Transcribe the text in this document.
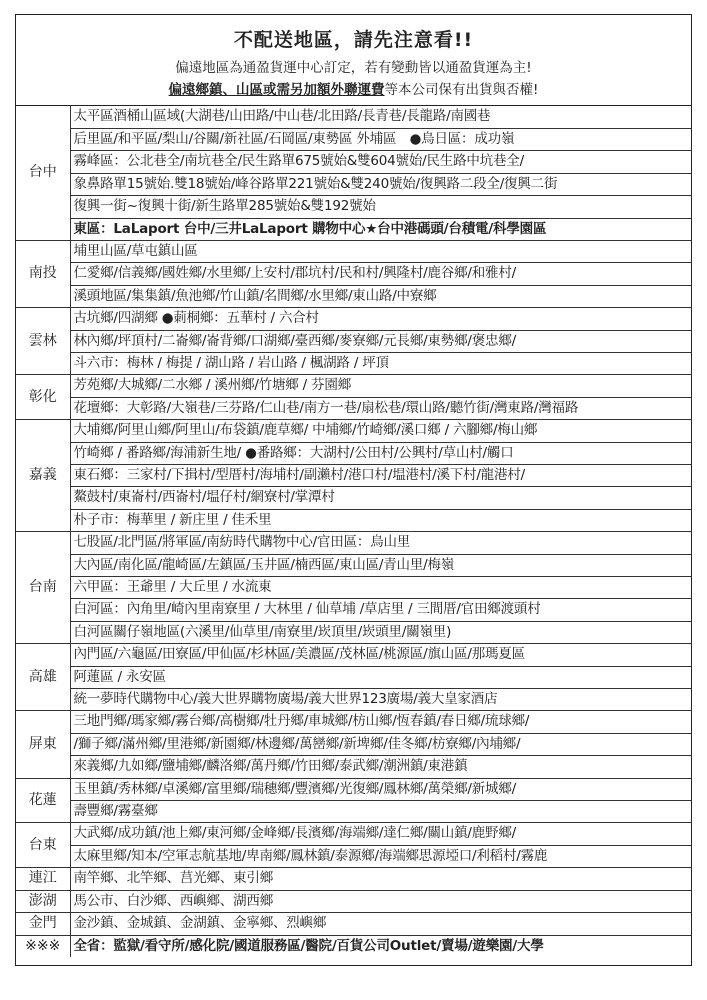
不配送地區，請先注意看!!
偏遠地區為通盈貨運中心訂定，若有變動皆以通盈貨運為主!
偏遠鄉鎮、山區或需另加額外聯運費等本公司保有出貨與否權!
台中	太平區酒桶山區域(大湖巷/山田路/中山巷/北田路/長青巷/長龍路/南國巷
	后里區/和平區/梨山/谷關/新社區/石岡區/東勢區 外埔區　●烏日區：成功嶺
	霧峰區：公北巷全/南坑巷全/民生路單675號始&雙604號始/民生路中坑巷全/
	象鼻路單15號始.雙18號始/峰谷路單221號始&雙240號始/復興路二段全/復興二街
	復興一街~復興十街/新生路單285號始&雙192號始
	東區：LaLaport 台中/三井LaLaport 購物中心★台中港碼頭/台積電/科學園區
南投	埔里山區/草屯鎮山區
	仁愛鄉/信義鄉/國姓鄉/水里鄉/上安村/郡坑村/民和村/興隆村/鹿谷鄉/和雅村/
	溪頭地區/集集鎮/魚池鄉/竹山鎮/名間鄉/水里鄉/東山路/中寮鄉
雲林	古坑鄉/四湖鄉 ●莿桐鄉：五華村 / 六合村
	林內鄉/坪頂村/二崙鄉/崙背鄉/口湖鄉/臺西鄉/麥寮鄉/元長鄉/東勢鄉/褒忠鄉/
	斗六市：梅林 / 梅提 / 湖山路 / 岩山路 / 楓湖路 / 坪頂
彰化	芳苑鄉/大城鄉/二水鄉 / 溪州鄉/竹塘鄉 / 芬園鄉
	花壇鄉：大彰路/大嶺巷/三芬路/仁山巷/南方一巷/扇松巷/環山路/聽竹街/灣東路/灣福路
嘉義	大埔鄉/阿里山鄉/阿里山/布袋鎮/鹿草鄉/ 中埔鄉/竹崎鄉/溪口鄉 / 六腳鄉/梅山鄉
	竹崎鄉 / 番路鄉/海浦新生地/ ●番路鄉：大湖村/公田村/公興村/草山村/觸口
	東石鄉：三家村/下揖村/型厝村/海埔村/副瀨村/港口村/塭港村/溪下村/龍港村/
	鰲鼓村/東崙村/西崙村/塭仔村/網寮村/掌潭村
	朴子市：梅華里 / 新庄里 / 佳禾里
台南	七股區/北門區/將軍區/南紡時代購物中心/官田區：烏山里
	大內區/南化區/龍崎區/左鎮區/玉井區/楠西區/東山區/青山里/梅嶺
	六甲區：王爺里 / 大丘里 / 水流東
	白河區：內角里/崎內里南寮里 / 大林里 / 仙草埔 /草店里 / 三間厝/官田鄉渡頭村
	白河區關仔嶺地區(六溪里/仙草里/南寮里/崁頂里/崁頭里/關嶺里)
高雄	內門區/六龜區/田寮區/甲仙區/杉林區/美濃區/茂林區/桃源區/旗山區/那瑪夏區
	阿蓮區 / 永安區
	統一夢時代購物中心/義大世界購物廣場/義大世界123廣場/義大皇家酒店
屏東	三地門鄉/瑪家鄉/霧台鄉/高樹鄉/牡丹鄉/車城鄉/枋山鄉/恆春鎮/春日鄉/琉球鄉/
	/獅子鄉/滿州鄉/里港鄉/新園鄉/林邊鄉/萬巒鄉/新埤鄉/佳冬鄉/枋寮鄉/內埔鄉/
	來義鄉/九如鄉/鹽埔鄉/麟洛鄉/萬丹鄉/竹田鄉/泰武鄉/潮洲鎮/東港鎮
花蓮	玉里鎮/秀林鄉/卓溪鄉/富里鄉/瑞穗鄉/豐濱鄉/光復鄉/鳳林鄉/萬榮鄉/新城鄉/
	壽豐鄉/霧臺鄉
台東	大武鄉/成功鎮/池上鄉/東河鄉/金峰鄉/長濱鄉/海端鄉/達仁鄉/關山鎮/鹿野鄉/
	太麻里鄉/知本/空軍志航基地/卑南鄉/鳳林鎮/泰源鄉/海端鄉思源埡口/利稻村/霧鹿
連江	南竿鄉、北竿鄉、莒光鄉、東引鄉
澎湖	馬公市、白沙鄉、西嶼鄉、湖西鄉
金門	金沙鎮、金城鎮、金湖鎮、金寧鄉、烈嶼鄉
※※※	全省：監獄/看守所/感化院/國道服務區/醫院/百貨公司Outlet/賣場/遊樂園/大學
